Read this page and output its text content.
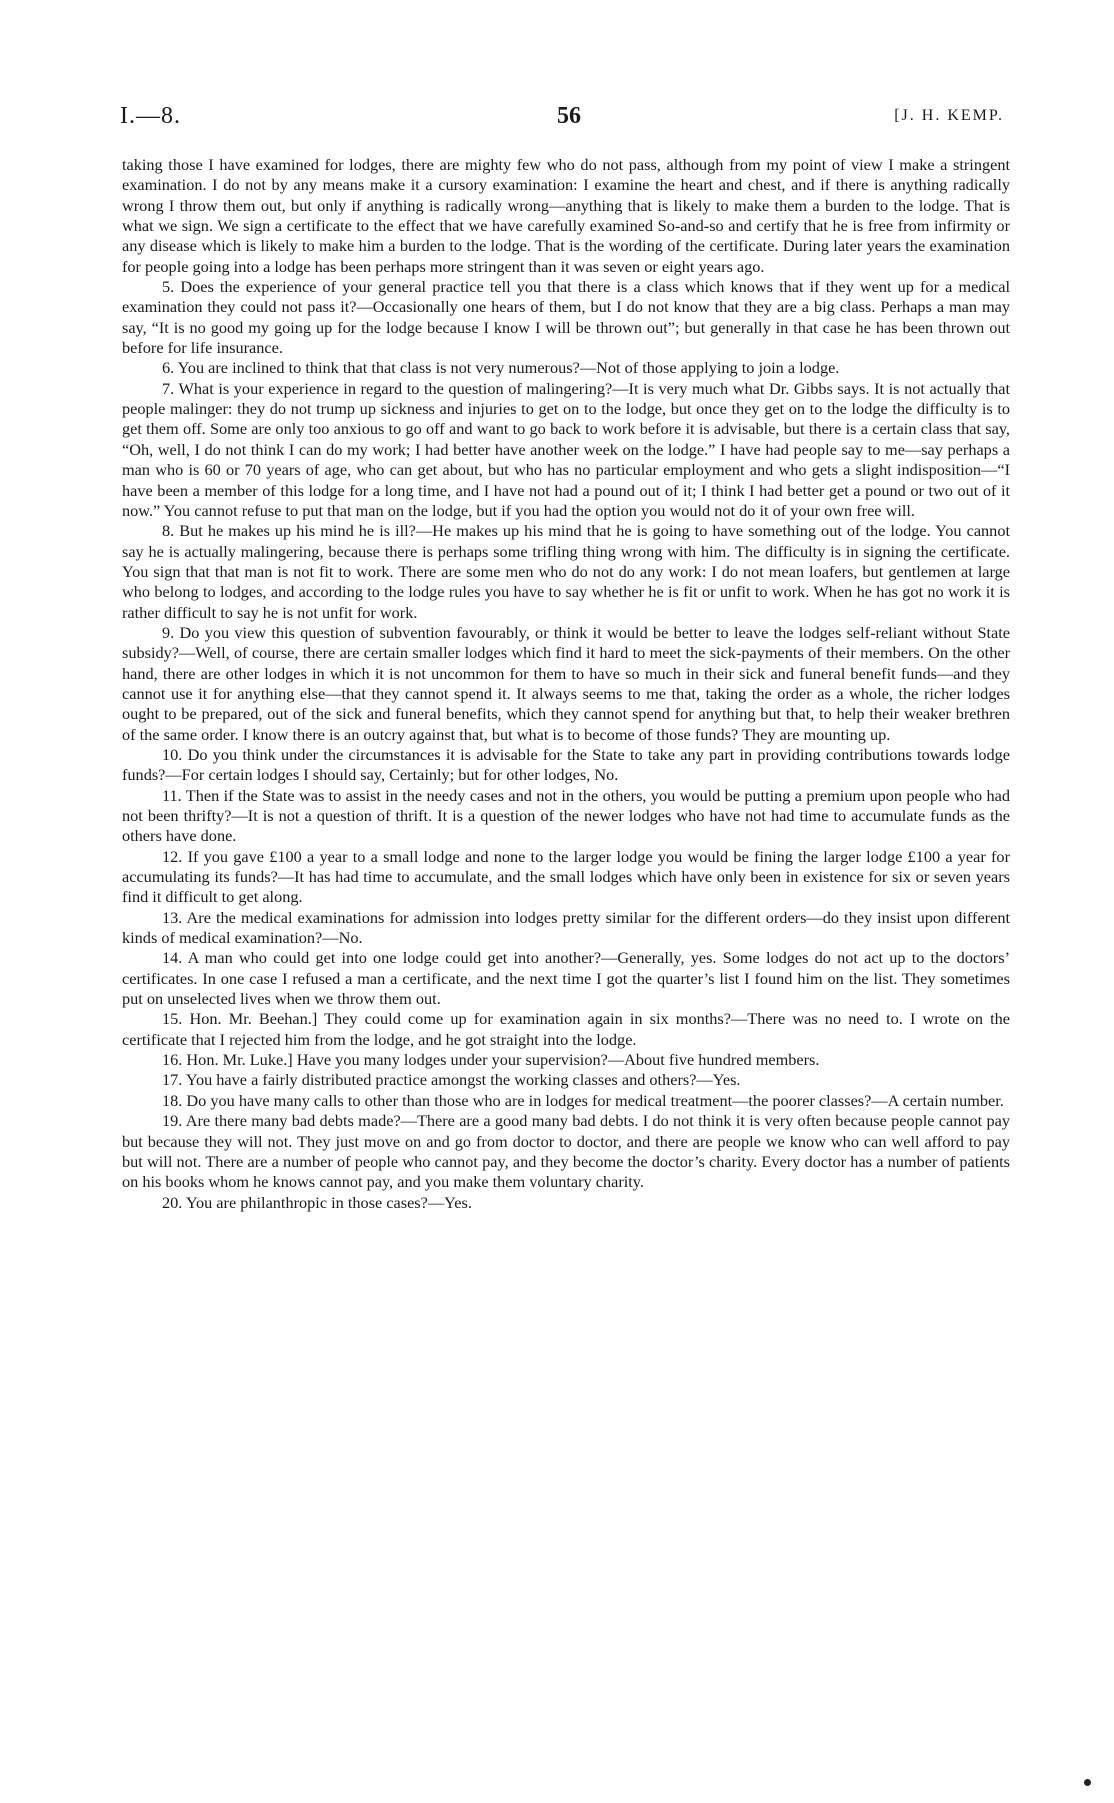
I.—8.	56	[J. H. KEMP.

taking those I have examined for lodges, there are mighty few who do not pass, although from my point of view I make a stringent examination. I do not by any means make it a cursory examination: I examine the heart and chest, and if there is anything radically wrong I throw them out, but only if anything is radically wrong—anything that is likely to make them a burden to the lodge. That is what we sign. We sign a certificate to the effect that we have carefully examined So-and-so and certify that he is free from infirmity or any disease which is likely to make him a burden to the lodge. That is the wording of the certificate. During later years the examination for people going into a lodge has been perhaps more stringent than it was seven or eight years ago.

5. Does the experience of your general practice tell you that there is a class which knows that if they went up for a medical examination they could not pass it?—Occasionally one hears of them, but I do not know that they are a big class. Perhaps a man may say, “It is no good my going up for the lodge because I know I will be thrown out”; but generally in that case he has been thrown out before for life insurance.

6. You are inclined to think that that class is not very numerous?—Not of those applying to join a lodge.

7. What is your experience in regard to the question of malingering?—It is very much what Dr. Gibbs says. It is not actually that people malinger: they do not trump up sickness and injuries to get on to the lodge, but once they get on to the lodge the difficulty is to get them off. Some are only too anxious to go off and want to go back to work before it is advisable, but there is a certain class that say, “Oh, well, I do not think I can do my work; I had better have another week on the lodge.” I have had people say to me—say perhaps a man who is 60 or 70 years of age, who can get about, but who has no particular employment and who gets a slight indisposition—“I have been a member of this lodge for a long time, and I have not had a pound out of it; I think I had better get a pound or two out of it now.” You cannot refuse to put that man on the lodge, but if you had the option you would not do it of your own free will.

8. But he makes up his mind he is ill?—He makes up his mind that he is going to have something out of the lodge. You cannot say he is actually malingering, because there is perhaps some trifling thing wrong with him. The difficulty is in signing the certificate. You sign that that man is not fit to work. There are some men who do not do any work: I do not mean loafers, but gentlemen at large who belong to lodges, and according to the lodge rules you have to say whether he is fit or unfit to work. When he has got no work it is rather difficult to say he is not unfit for work.

9. Do you view this question of subvention favourably, or think it would be better to leave the lodges self-reliant without State subsidy?—Well, of course, there are certain smaller lodges which find it hard to meet the sick-payments of their members. On the other hand, there are other lodges in which it is not uncommon for them to have so much in their sick and funeral benefit funds—and they cannot use it for anything else—that they cannot spend it. It always seems to me that, taking the order as a whole, the richer lodges ought to be prepared, out of the sick and funeral benefits, which they cannot spend for anything but that, to help their weaker brethren of the same order. I know there is an outcry against that, but what is to become of those funds? They are mounting up.

10. Do you think under the circumstances it is advisable for the State to take any part in providing contributions towards lodge funds?—For certain lodges I should say, Certainly; but for other lodges, No.

11. Then if the State was to assist in the needy cases and not in the others, you would be putting a premium upon people who had not been thrifty?—It is not a question of thrift. It is a question of the newer lodges who have not had time to accumulate funds as the others have done.

12. If you gave £100 a year to a small lodge and none to the larger lodge you would be fining the larger lodge £100 a year for accumulating its funds?—It has had time to accumulate, and the small lodges which have only been in existence for six or seven years find it difficult to get along.

13. Are the medical examinations for admission into lodges pretty similar for the different orders—do they insist upon different kinds of medical examination?—No.

14. A man who could get into one lodge could get into another?—Generally, yes. Some lodges do not act up to the doctors’ certificates. In one case I refused a man a certificate, and the next time I got the quarter’s list I found him on the list. They sometimes put on unselected lives when we throw them out.

15. Hon. Mr. Beehan.] They could come up for examination again in six months?—There was no need to. I wrote on the certificate that I rejected him from the lodge, and he got straight into the lodge.

16. Hon. Mr. Luke.] Have you many lodges under your supervision?—About five hundred members.

17. You have a fairly distributed practice amongst the working classes and others?—Yes.

18. Do you have many calls to other than those who are in lodges for medical treatment—the poorer classes?—A certain number.

19. Are there many bad debts made?—There are a good many bad debts. I do not think it is very often because people cannot pay but because they will not. They just move on and go from doctor to doctor, and there are people we know who can well afford to pay but will not. There are a number of people who cannot pay, and they become the doctor’s charity. Every doctor has a number of patients on his books whom he knows cannot pay, and you make them voluntary charity.

20. You are philanthropic in those cases?—Yes.
